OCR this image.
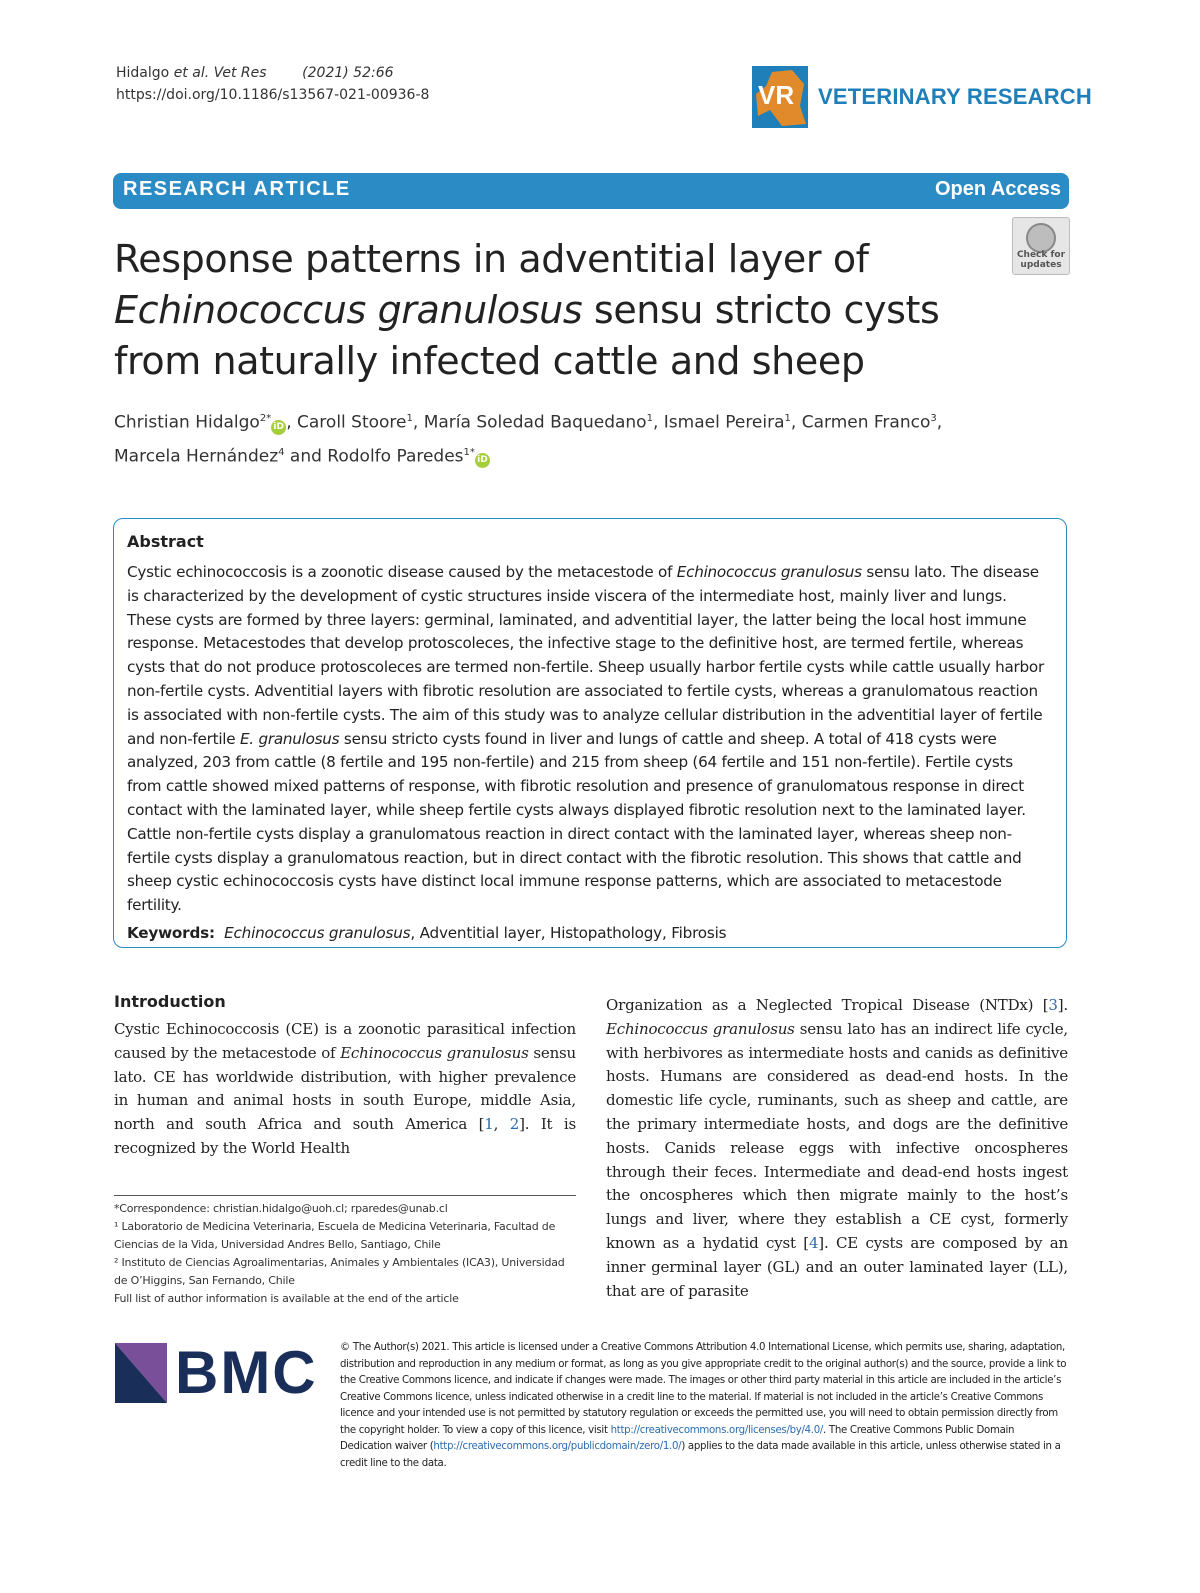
Hidalgo et al. Vet Res	(2021) 52:66
https://doi.org/10.1186/s13567-021-00936-8	VR VETERINARY RESEARCH
RESEARCH ARTICLE	Open Access
Check for
updates
Response patterns in adventitial layer of Echinococcus granulosus sensu stricto cysts from naturally infected cattle and sheep
Christian Hidalgo$^{2*}$iD , Caroll Stoore$^1$, María Soledad Baquedano$^1$, Ismael Pereira$^1$, Carmen Franco$^3$,
Marcela Hernández$^4$ and Rodolfo Paredes$^{1*}$iD
Abstract
Cystic echinococcosis is a zoonotic disease caused by the metacestode of Echinococcus granulosus sensu lato. The disease is characterized by the development of cystic structures inside viscera of the intermediate host, mainly liver and lungs. These cysts are formed by three layers: germinal, laminated, and adventitial layer, the latter being the local host immune response. Metacestodes that develop protoscoleces, the infective stage to the definitive host, are termed fertile, whereas cysts that do not produce protoscoleces are termed non-fertile. Sheep usually harbor fertile cysts while cattle usually harbor non-fertile cysts. Adventitial layers with fibrotic resolution are associated to fertile cysts, whereas a granulomatous reaction is associated with non-fertile cysts. The aim of this study was to analyze cellular distribution in the adventitial layer of fertile and non-fertile E. granulosus sensu stricto cysts found in liver and lungs of cattle and sheep. A total of 418 cysts were analyzed, 203 from cattle (8 fertile and 195 non-fertile) and 215 from sheep (64 fertile and 151 non-fertile). Fertile cysts from cattle showed mixed patterns of response, with fibrotic resolution and presence of granulomatous response in direct contact with the laminated layer, while sheep fertile cysts always displayed fibrotic resolution next to the laminated layer. Cattle non-fertile cysts display a granulomatous reaction in direct contact with the laminated layer, whereas sheep non-fertile cysts display a granulomatous reaction, but in direct contact with the fibrotic resolution. This shows that cattle and sheep cystic echinococcosis cysts have distinct local immune response patterns, which are associated to metacestode fertility.
Keywords: Echinococcus granulosus, Adventitial layer, Histopathology, Fibrosis
Introduction
Cystic Echinococcosis (CE) is a zoonotic parasitical infection caused by the metacestode of Echinococcus granulosus sensu lato. CE has worldwide distribution, with higher prevalence in human and animal hosts in south Europe, middle Asia, north and south Africa and south America [1, 2]. It is recognized by the World Health
Organization as a Neglected Tropical Disease (NTDx) [3]. Echinococcus granulosus sensu lato has an indirect life cycle, with herbivores as intermediate hosts and canids as definitive hosts. Humans are considered as dead-end hosts. In the domestic life cycle, ruminants, such as sheep and cattle, are the primary intermediate hosts, and dogs are the definitive hosts. Canids release eggs with infective oncospheres through their feces. Intermediate and dead-end hosts ingest the oncospheres which then migrate mainly to the host’s lungs and liver, where they establish a CE cyst, formerly known as a hydatid cyst [4]. CE cysts are composed by an inner germinal layer (GL) and an outer laminated layer (LL), that are of parasite
*Correspondence: christian.hidalgo@uoh.cl; rparedes@unab.cl
¹ Laboratorio de Medicina Veterinaria, Escuela de Medicina Veterinaria, Facultad de Ciencias de la Vida, Universidad Andres Bello, Santiago, Chile
² Instituto de Ciencias Agroalimentarias, Animales y Ambientales (ICA3), Universidad de O’Higgins, San Fernando, Chile
Full list of author information is available at the end of the article
BMC © The Author(s) 2021. This article is licensed under a Creative Commons Attribution 4.0 International License, which permits use, sharing, adaptation, distribution and reproduction in any medium or format, as long as you give appropriate credit to the original author(s) and the source, provide a link to the Creative Commons licence, and indicate if changes were made. The images or other third party material in this article are included in the article’s Creative Commons licence, unless indicated otherwise in a credit line to the material. If material is not included in the article’s Creative Commons licence and your intended use is not permitted by statutory regulation or exceeds the permitted use, you will need to obtain permission directly from the copyright holder. To view a copy of this licence, visit http://creativecommons.org/licenses/by/4.0/. The Creative Commons Public Domain Dedication waiver (http://creativecommons.org/publicdomain/zero/1.0/) applies to the data made available in this article, unless otherwise stated in a credit line to the data.
